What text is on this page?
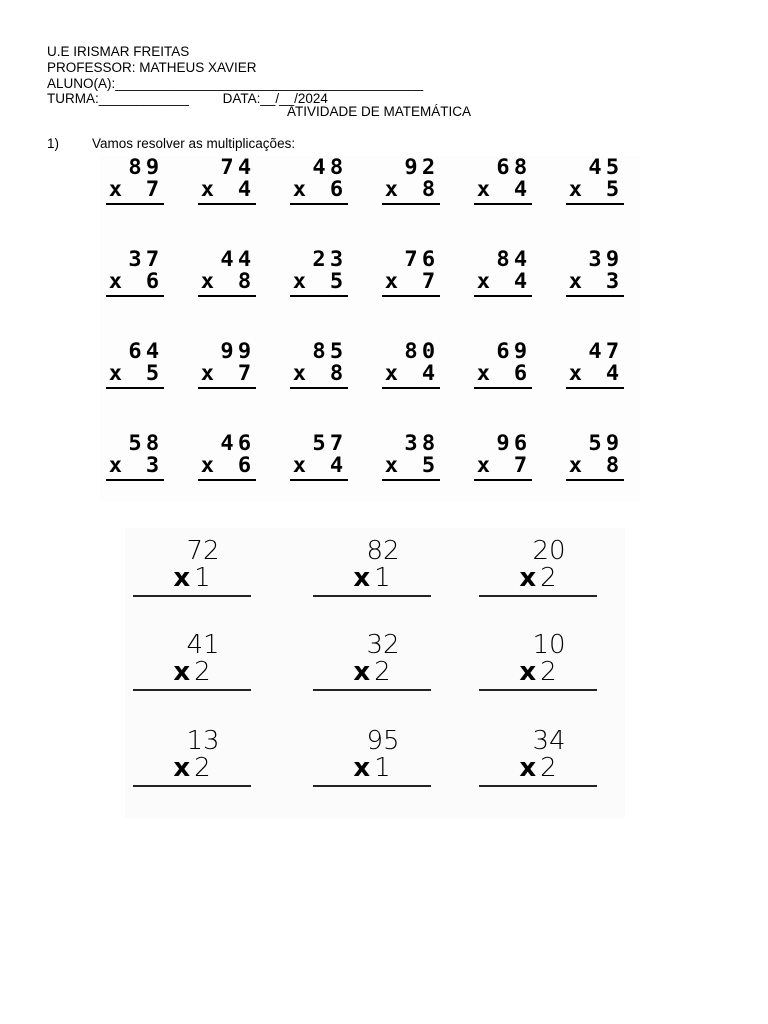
U.E IRISMAR FREITAS
PROFESSOR: MATHEUS XAVIER
ALUNO(A):_________________________________________
TURMA:____________         DATA:__/__/2024
ATIVIDADE DE MATEMÁTICA
1) Vamos resolver as multiplicações:
89
x 7
74
x 4
48
x 6
92
x 8
68
x 4
45
x 5
37
x 6
44
x 8
23
x 5
76
x 7
84
x 4
39
x 3
64
x 5
99
x 7
85
x 8
80
x 4
69
x 6
47
x 4
58
x 3
46
x 6
57
x 4
38
x 5
96
x 7
59
x 8
72
x 1
82
x 1
20
x 2
41
x 2
32
x 2
10
x 2
13
x 2
95
x 1
34
x 2
